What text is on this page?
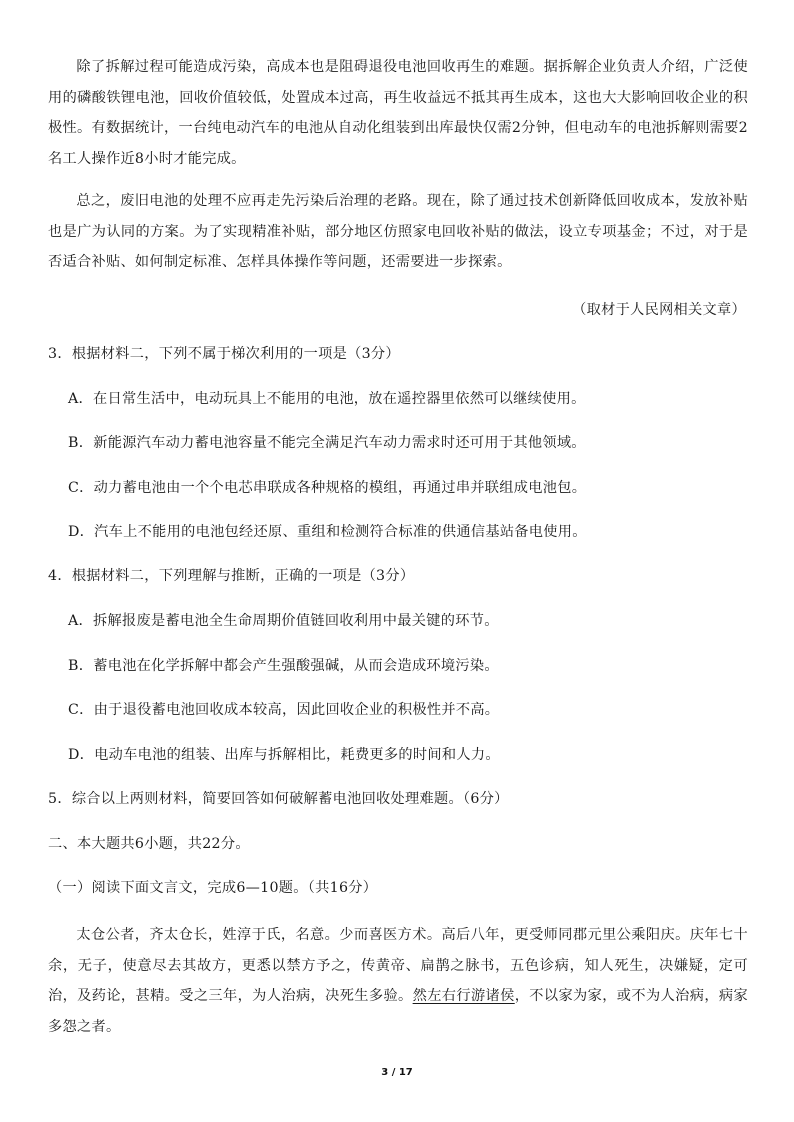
除了拆解过程可能造成污染，高成本也是阻碍退役电池回收再生的难题。据拆解企业负责人介绍，广泛使用的磷酸铁锂电池，回收价值较低，处置成本过高，再生收益远不抵其再生成本，这也大大影响回收企业的积极性。有数据统计，一台纯电动汽车的电池从自动化组装到出库最快仅需2分钟，但电动车的电池拆解则需要2名工人操作近8小时才能完成。

总之，废旧电池的处理不应再走先污染后治理的老路。现在，除了通过技术创新降低回收成本，发放补贴也是广为认同的方案。为了实现精准补贴，部分地区仿照家电回收补贴的做法，设立专项基金；不过，对于是否适合补贴、如何制定标准、怎样具体操作等问题，还需要进一步探索。

（取材于人民网相关文章）
3．根据材料二，下列不属于梯次利用的一项是（3分）
A．在日常生活中，电动玩具上不能用的电池，放在遥控器里依然可以继续使用。
B．新能源汽车动力蓄电池容量不能完全满足汽车动力需求时还可用于其他领域。
C．动力蓄电池由一个个电芯串联成各种规格的模组，再通过串并联组成电池包。
D．汽车上不能用的电池包经还原、重组和检测符合标准的供通信基站备电使用。
4．根据材料二，下列理解与推断，正确的一项是（3分）
A．拆解报废是蓄电池全生命周期价值链回收利用中最关键的环节。
B．蓄电池在化学拆解中都会产生强酸强碱，从而会造成环境污染。
C．由于退役蓄电池回收成本较高，因此回收企业的积极性并不高。
D．电动车电池的组装、出库与拆解相比，耗费更多的时间和人力。
5．综合以上两则材料，简要回答如何破解蓄电池回收处理难题。（6分）
二、本大题共6小题，共22分。
（一）阅读下面文言文，完成6—10题。（共16分）

太仓公者，齐太仓长，姓淳于氏，名意。少而喜医方术。高后八年，更受师同郡元里公乘阳庆。庆年七十余，无子，使意尽去其故方，更悉以禁方予之，传黄帝、扁鹊之脉书，五色诊病，知人死生，决嫌疑，定可治，及药论，甚精。受之三年，为人治病，决死生多验。然左右行游诸侯，不以家为家，或不为人治病，病家多怨之者。

3 / 17
